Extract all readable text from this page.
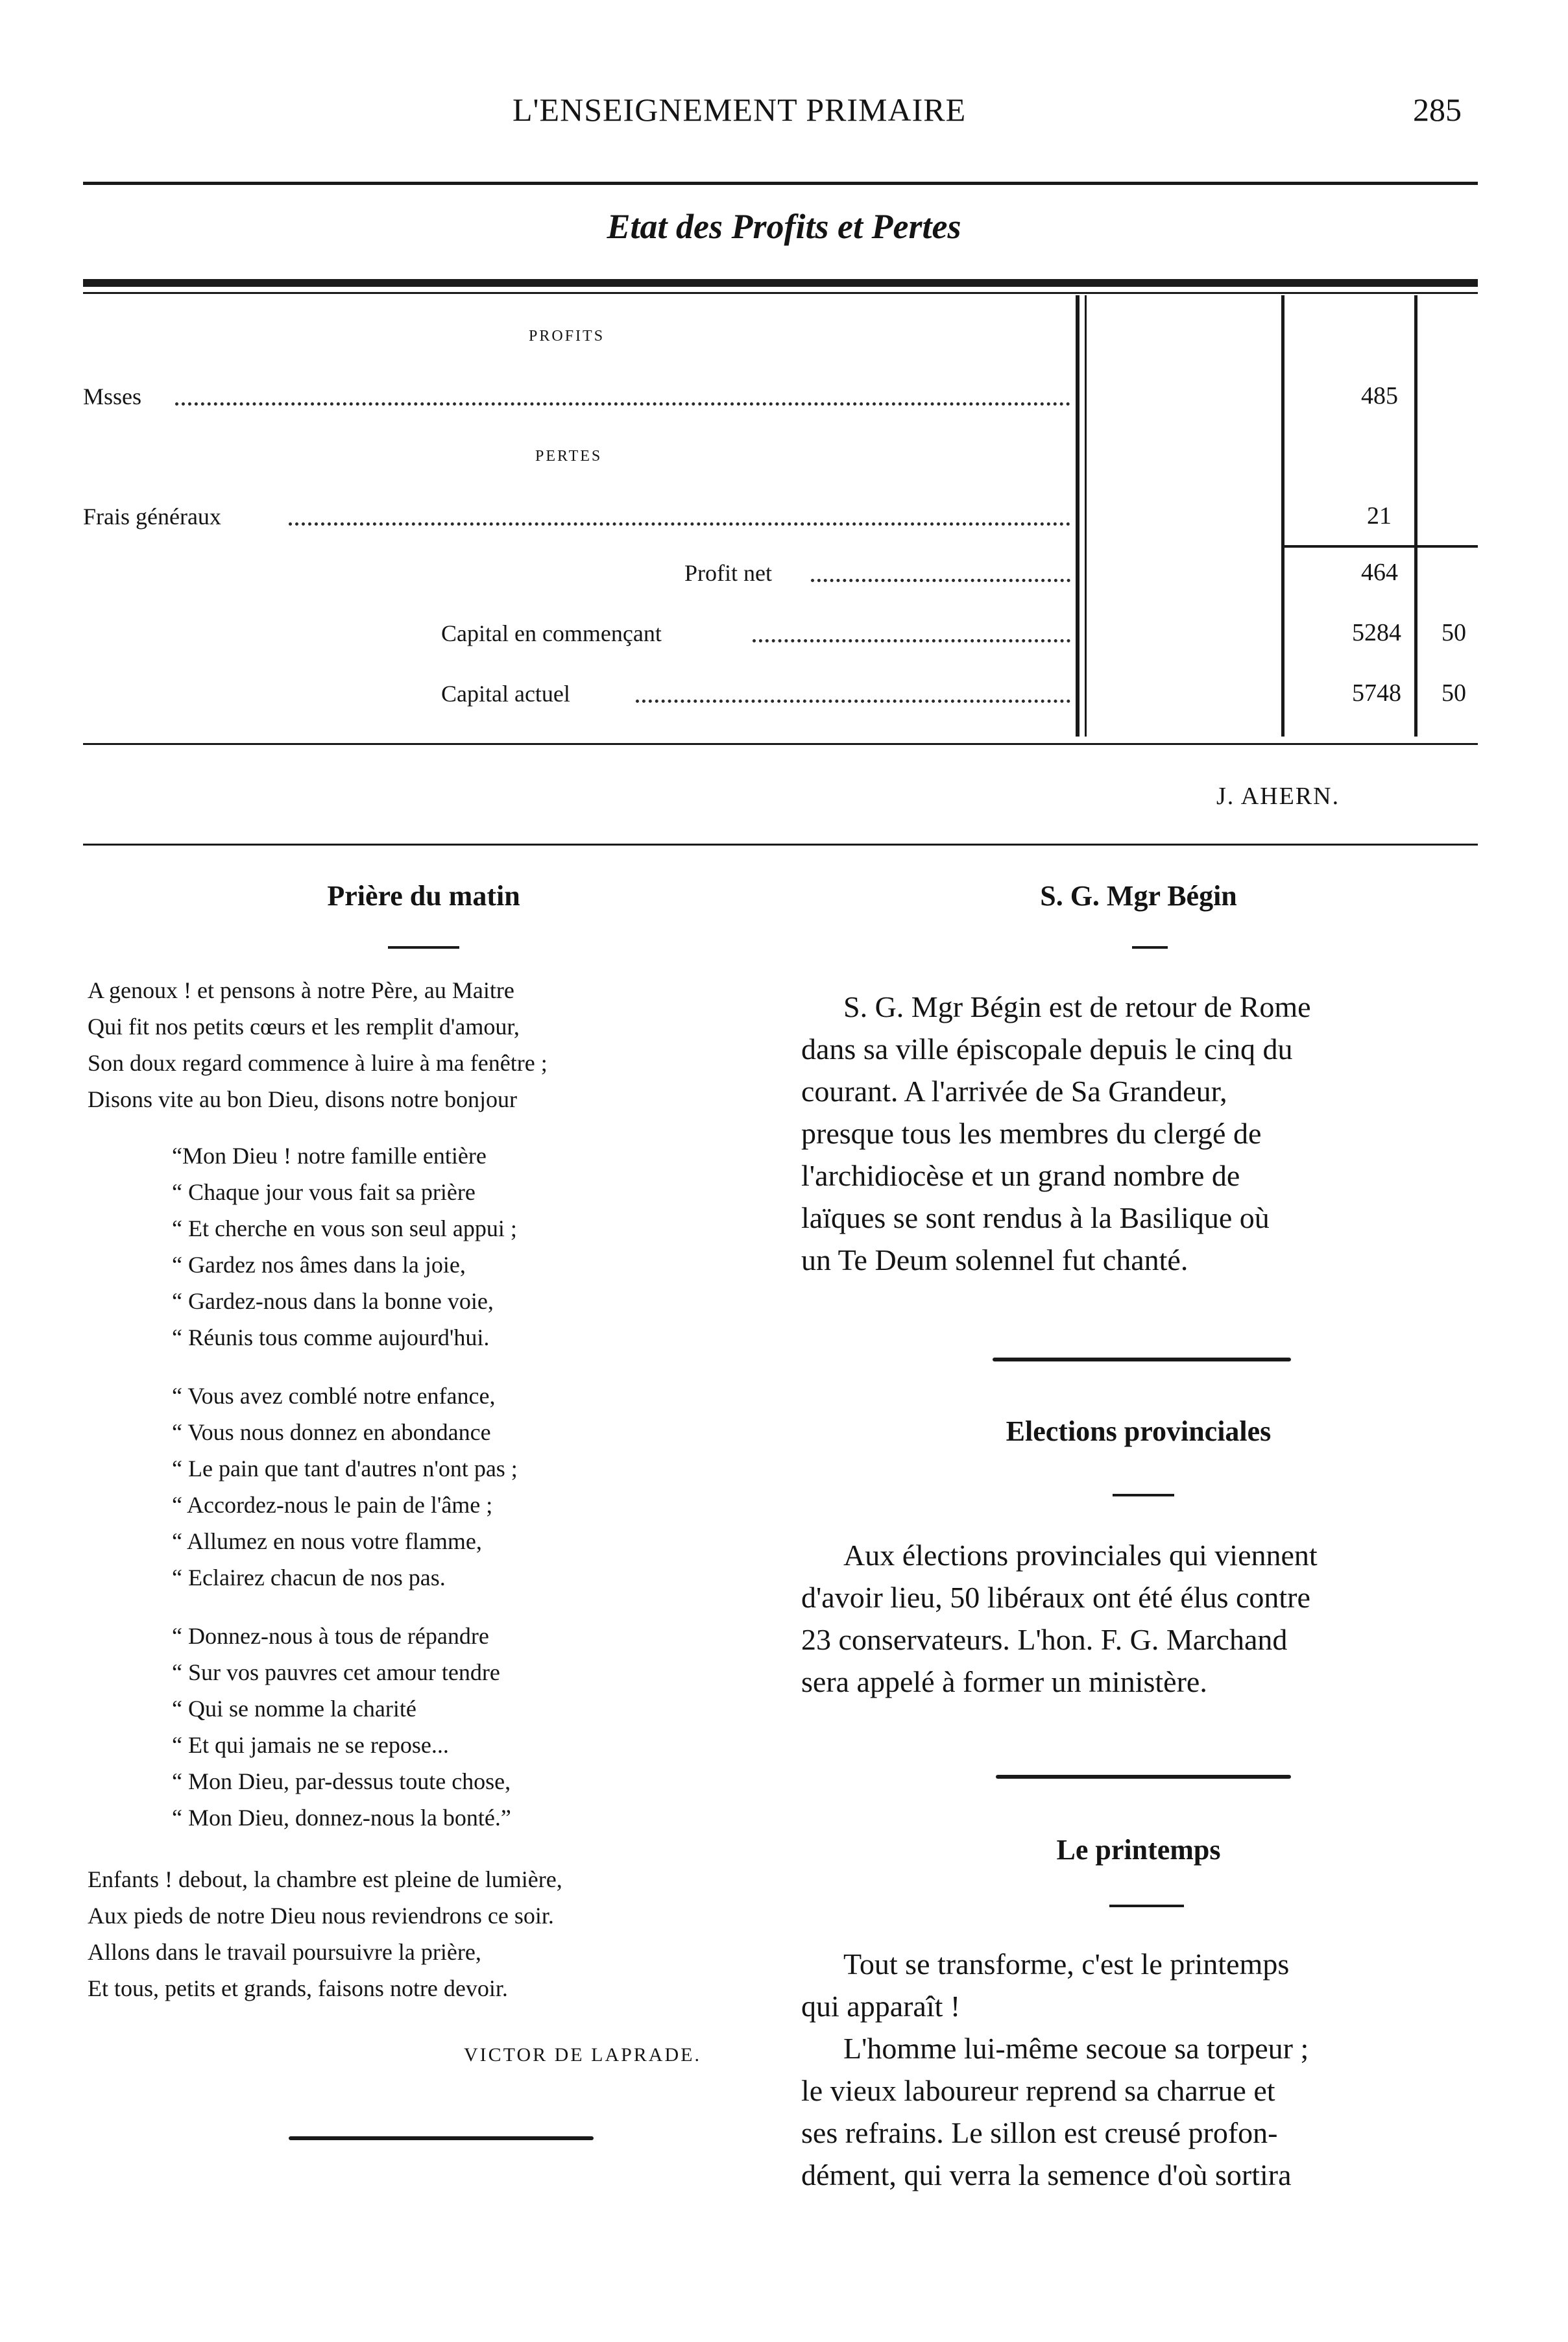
L'ENSEIGNEMENT PRIMAIRE	285
Etat des Profits et Pertes
PROFITS
Msses	485
PERTES
Frais généraux	21
Profit net	464
Capital en commençant	5284	50
Capital actuel	5748	50
J. AHERN.
Prière du matin
A genoux ! et pensons à notre Père, au Maitre
Qui fit nos petits cœurs et les remplit d'amour,
Son doux regard commence à luire à ma fenêtre ;
Disons vite au bon Dieu, disons notre bonjour
“Mon Dieu ! notre famille entière
“ Chaque jour vous fait sa prière
“ Et cherche en vous son seul appui ;
“ Gardez nos âmes dans la joie,
“ Gardez-nous dans la bonne voie,
“ Réunis tous comme aujourd'hui.
“ Vous avez comblé notre enfance,
“ Vous nous donnez en abondance
“ Le pain que tant d'autres n'ont pas ;
“ Accordez-nous le pain de l'âme ;
“ Allumez en nous votre flamme,
“ Eclairez chacun de nos pas.
“ Donnez-nous à tous de répandre
“ Sur vos pauvres cet amour tendre
“ Qui se nomme la charité
“ Et qui jamais ne se repose...
“ Mon Dieu, par-dessus toute chose,
“ Mon Dieu, donnez-nous la bonté.”
Enfants ! debout, la chambre est pleine de lumière,
Aux pieds de notre Dieu nous reviendrons ce soir.
Allons dans le travail poursuivre la prière,
Et tous, petits et grands, faisons notre devoir.
VICTOR DE LAPRADE.
S. G. Mgr Bégin
S. G. Mgr Bégin est de retour de Rome
dans sa ville épiscopale depuis le cinq du
courant. A l'arrivée de Sa Grandeur,
presque tous les membres du clergé de
l'archidiocèse et un grand nombre de
laïques se sont rendus à la Basilique où
un Te Deum solennel fut chanté.
Elections provinciales
Aux élections provinciales qui viennent
d'avoir lieu, 50 libéraux ont été élus contre
23 conservateurs. L'hon. F. G. Marchand
sera appelé à former un ministère.
Le printemps
Tout se transforme, c'est le printemps
qui apparaît !
L'homme lui-même secoue sa torpeur ;
le vieux laboureur reprend sa charrue et
ses refrains. Le sillon est creusé profon-
dément, qui verra la semence d'où sortira
